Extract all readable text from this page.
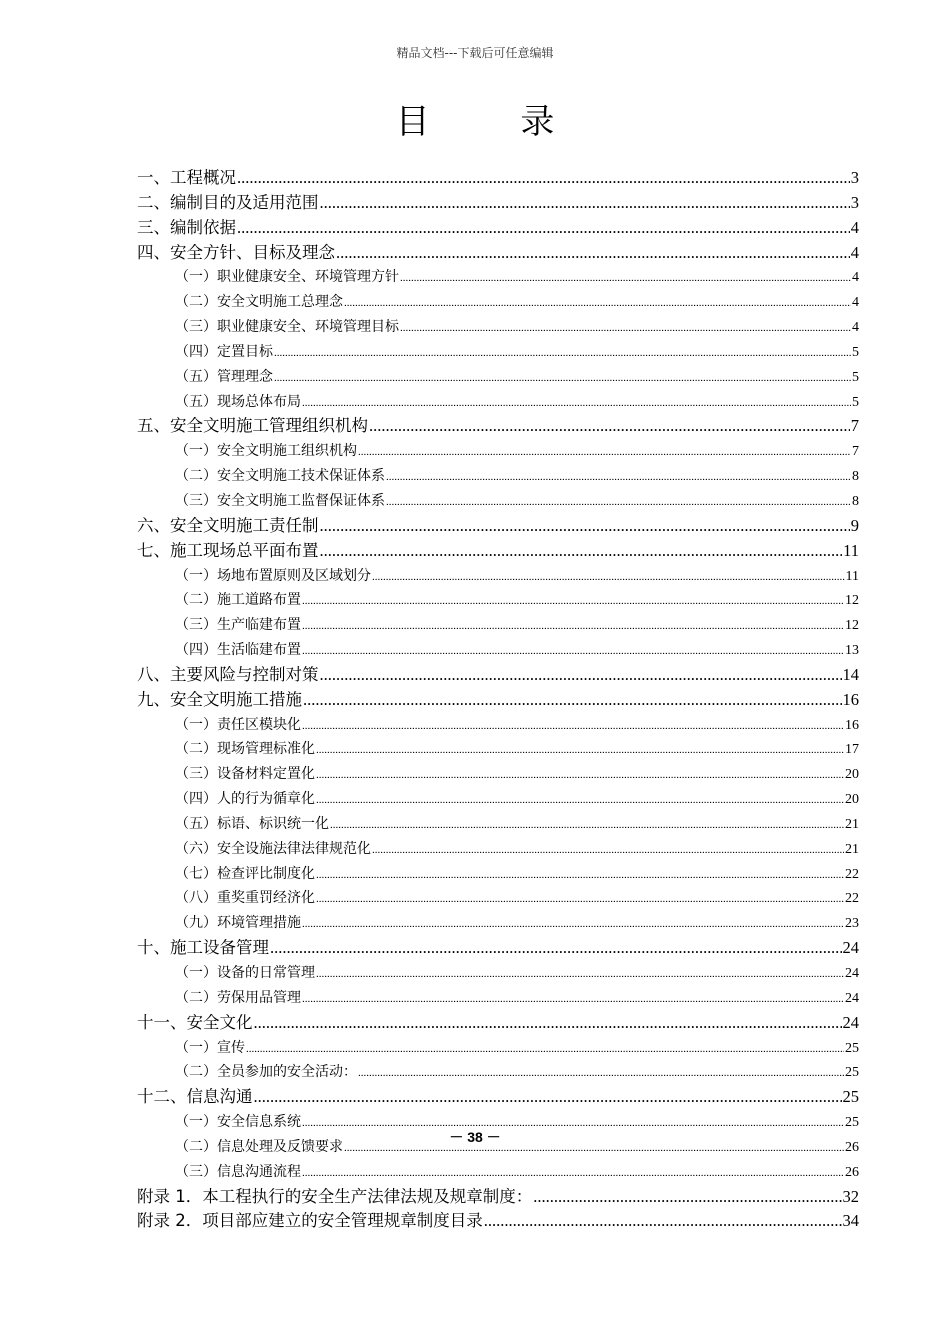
精品文档---下载后可任意编辑
目 录
一、工程概况 .....	3
二、编制目的及适用范围 .....	3
三、编制依据 .....	4
四、安全方针、目标及理念 .....	4
（一）职业健康安全、环境管理方针 .....	4
（二）安全文明施工总理念 .....	4
（三）职业健康安全、环境管理目标 .....	4
（四）定置目标 .....	5
（五）管理理念 .....	5
（五）现场总体布局 .....	5
五、安全文明施工管理组织机构 .....	7
（一）安全文明施工组织机构 .....	7
（二）安全文明施工技术保证体系 .....	8
（三）安全文明施工监督保证体系 .....	8
六、安全文明施工责任制 .....	9
七、施工现场总平面布置 .....	11
（一）场地布置原则及区域划分 .....	11
（二）施工道路布置 .....	12
（三）生产临建布置 .....	12
（四）生活临建布置 .....	13
八、主要风险与控制对策 .....	14
九、安全文明施工措施 .....	16
（一）责任区模块化 .....	16
（二）现场管理标准化 .....	17
（三）设备材料定置化 .....	20
（四）人的行为循章化 .....	20
（五）标语、标识统一化 .....	21
（六）安全设施法律法律规范化 .....	21
（七）检查评比制度化 .....	22
（八）重奖重罚经济化 .....	22
（九）环境管理措施 .....	23
十、施工设备管理 .....	24
（一）设备的日常管理 .....	24
（二）劳保用品管理 .....	24
十一、安全文化 .....	24
（一）宣传 .....	25
（二）全员参加的安全活动： .....	25
十二、信息沟通 .....	25
（一）安全信息系统 .....	25
（二）信息处理及反馈要求 .....	26
（三）信息沟通流程 .....	26
附录 1．本工程执行的安全生产法律法规及规章制度： .....	32
附录 2．项目部应建立的安全管理规章制度目录 .....	34
－ 38 －
